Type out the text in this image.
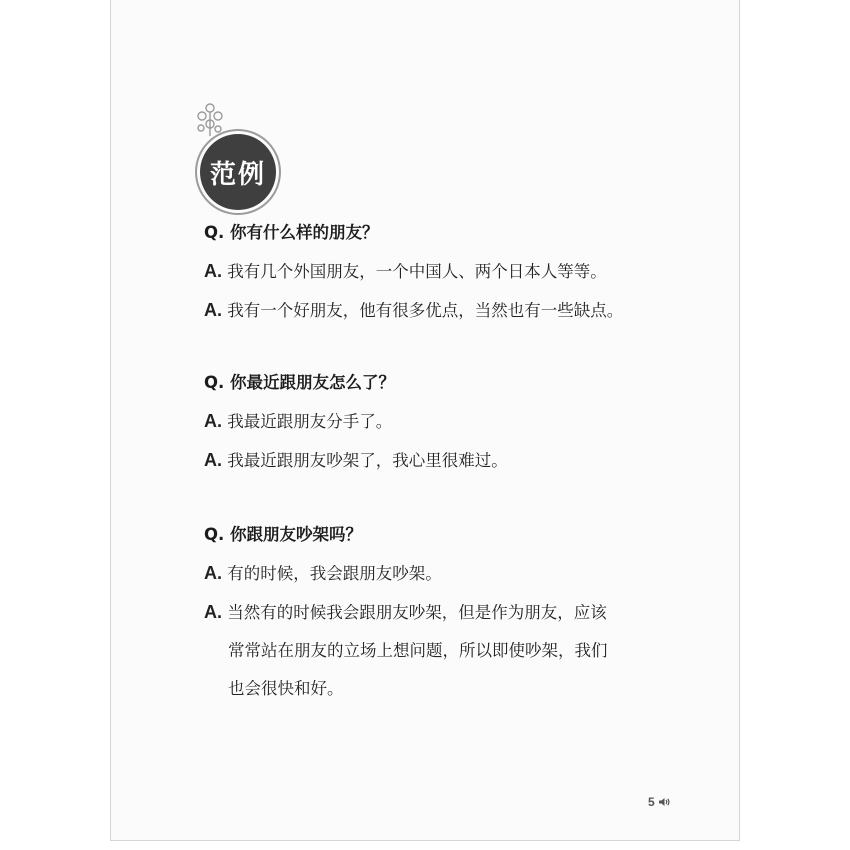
范例
Q. 你有什么样的朋友？
A. 我有几个外国朋友，一个中国人、两个日本人等等。
A. 我有一个好朋友，他有很多优点，当然也有一些缺点。
Q. 你最近跟朋友怎么了？
A. 我最近跟朋友分手了。
A. 我最近跟朋友吵架了，我心里很难过。
Q. 你跟朋友吵架吗？
A. 有的时候，我会跟朋友吵架。
A. 当然有的时候我会跟朋友吵架，但是作为朋友，应该
常常站在朋友的立场上想问题，所以即使吵架，我们
也会很快和好。
5
